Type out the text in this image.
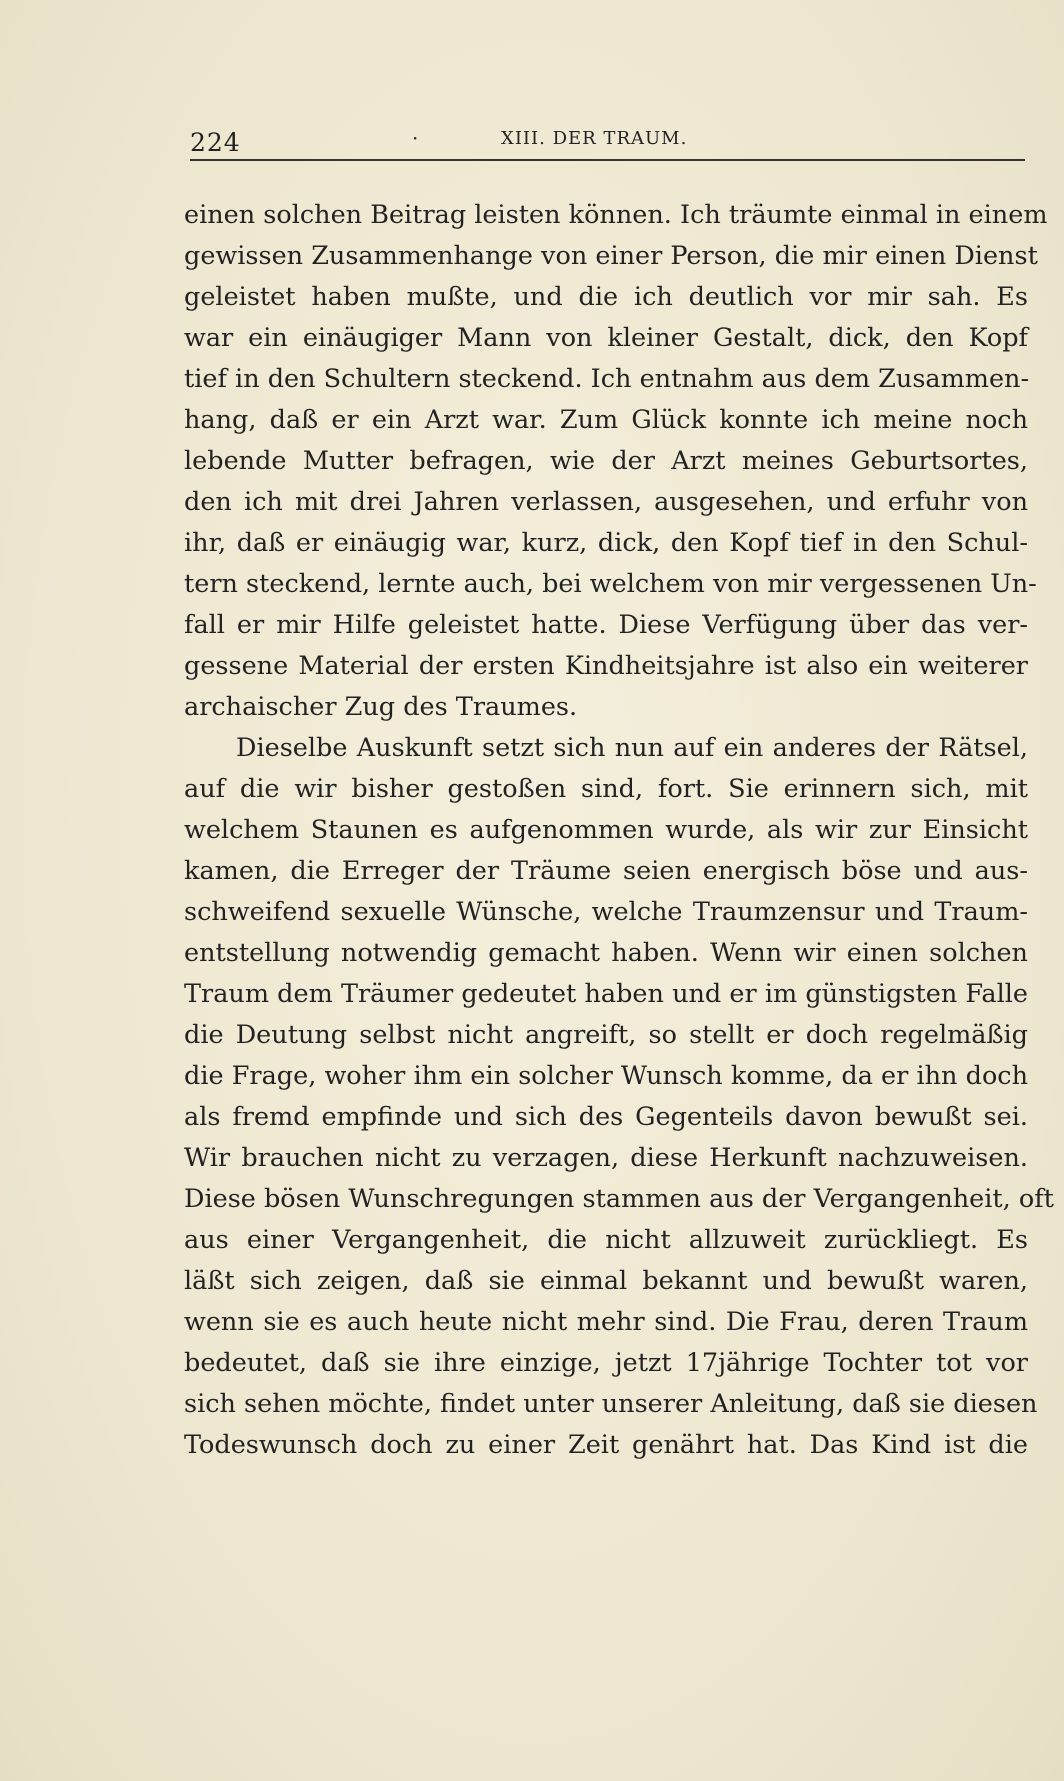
224	·	XIII. DER TRAUM.
einen solchen Beitrag leisten können. Ich träumte einmal in einem
gewissen Zusammenhange von einer Person, die mir einen Dienst
geleistet haben mußte, und die ich deutlich vor mir sah. Es
war ein einäugiger Mann von kleiner Gestalt, dick, den Kopf
tief in den Schultern steckend. Ich entnahm aus dem Zusammen-
hang, daß er ein Arzt war. Zum Glück konnte ich meine noch
lebende Mutter befragen, wie der Arzt meines Geburtsortes,
den ich mit drei Jahren verlassen, ausgesehen, und erfuhr von
ihr, daß er einäugig war, kurz, dick, den Kopf tief in den Schul-
tern steckend, lernte auch, bei welchem von mir vergessenen Un-
fall er mir Hilfe geleistet hatte. Diese Verfügung über das ver-
gessene Material der ersten Kindheitsjahre ist also ein weiterer
archaischer Zug des Traumes.
Dieselbe Auskunft setzt sich nun auf ein anderes der Rätsel,
auf die wir bisher gestoßen sind, fort. Sie erinnern sich, mit
welchem Staunen es aufgenommen wurde, als wir zur Einsicht
kamen, die Erreger der Träume seien energisch böse und aus-
schweifend sexuelle Wünsche, welche Traumzensur und Traum-
entstellung notwendig gemacht haben. Wenn wir einen solchen
Traum dem Träumer gedeutet haben und er im günstigsten Falle
die Deutung selbst nicht angreift, so stellt er doch regelmäßig
die Frage, woher ihm ein solcher Wunsch komme, da er ihn doch
als fremd empfinde und sich des Gegenteils davon bewußt sei.
Wir brauchen nicht zu verzagen, diese Herkunft nachzuweisen.
Diese bösen Wunschregungen stammen aus der Vergangenheit, oft
aus einer Vergangenheit, die nicht allzuweit zurückliegt. Es
läßt sich zeigen, daß sie einmal bekannt und bewußt waren,
wenn sie es auch heute nicht mehr sind. Die Frau, deren Traum
bedeutet, daß sie ihre einzige, jetzt 17jährige Tochter tot vor
sich sehen möchte, findet unter unserer Anleitung, daß sie diesen
Todeswunsch doch zu einer Zeit genährt hat. Das Kind ist die
